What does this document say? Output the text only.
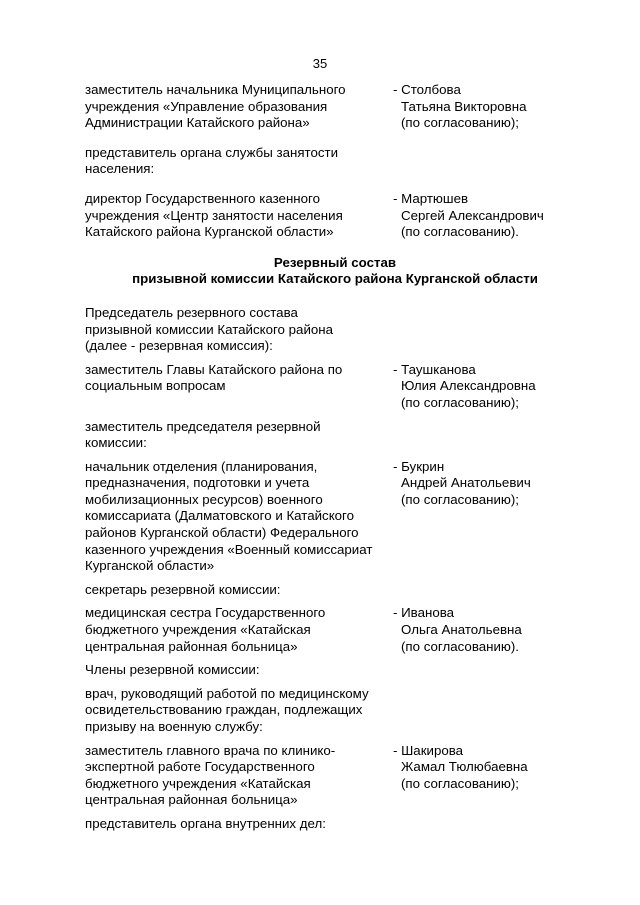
35
заместитель начальника Муниципального
учреждения «Управление образования
Администрации Катайского района»
- Столбова
Татьяна Викторовна
(по согласованию);
представитель органа службы занятости
населения:
директор Государственного казенного
учреждения «Центр занятости населения
Катайского района Курганской области»
- Мартюшев
Сергей Александрович
(по согласованию).
Резервный состав
призывной комиссии Катайского района Курганской области
Председатель резервного состава
призывной комиссии Катайского района
(далее - резервная комиссия):
заместитель Главы Катайского района по
социальным вопросам
- Таушканова
Юлия Александровна
(по согласованию);
заместитель председателя резервной
комиссии:
начальник отделения (планирования,
предназначения, подготовки и учета
мобилизационных ресурсов) военного
комиссариата (Далматовского и Катайского
районов Курганской области) Федерального
казенного учреждения «Военный комиссариат
Курганской области»
- Букрин
Андрей Анатольевич
(по согласованию);
секретарь резервной комиссии:
медицинская сестра Государственного
бюджетного учреждения «Катайская
центральная районная больница»
- Иванова
Ольга Анатольевна
(по согласованию).
Члены резервной комиссии:
врач, руководящий работой по медицинскому
освидетельствованию граждан, подлежащих
призыву на военную службу:
заместитель главного врача по клинико-
экспертной работе Государственного
бюджетного учреждения «Катайская
центральная районная больница»
- Шакирова
Жамал Тюлюбаевна
(по согласованию);
представитель органа внутренних дел:
